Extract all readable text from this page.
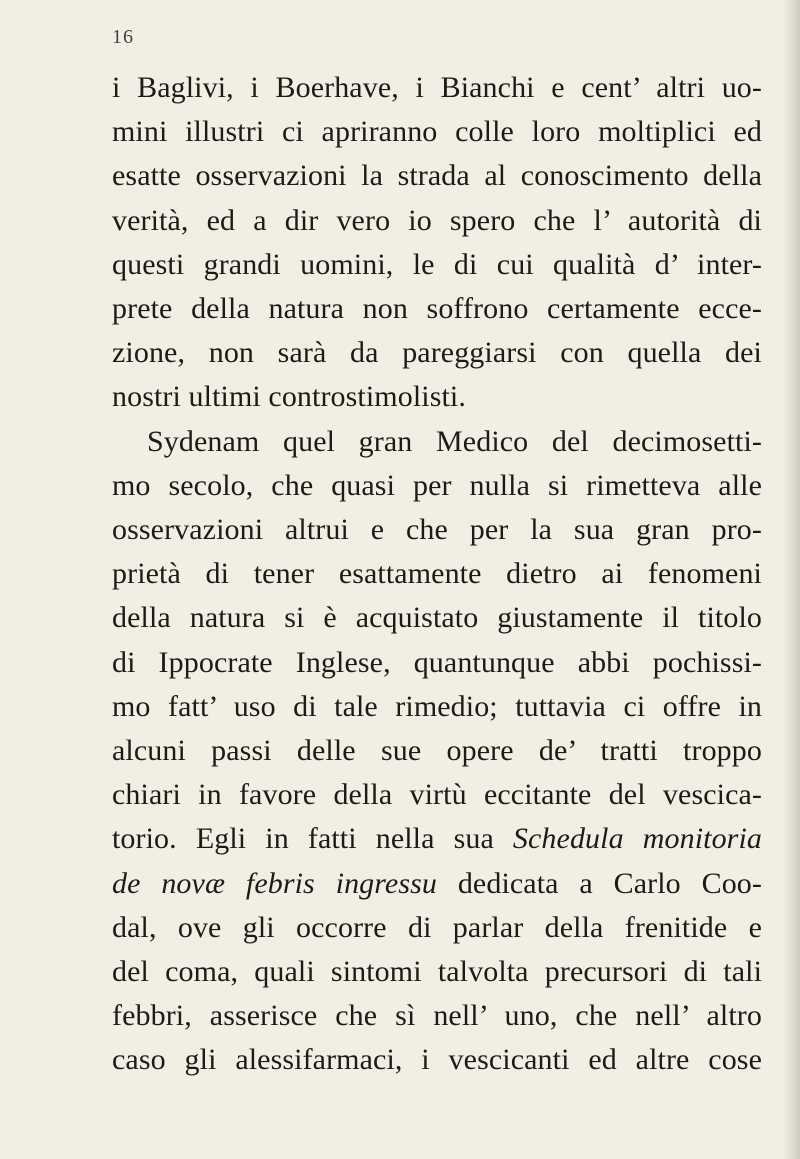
16
i Baglivi, i Boerhave, i Bianchi e cent’ altri uo-
mini illustri ci apriranno colle loro moltiplici ed
esatte osservazioni la strada al conoscimento della
verità, ed a dir vero io spero che l’ autorità di
questi grandi uomini, le di cui qualità d’ inter-
prete della natura non soffrono certamente ecce-
zione, non sarà da pareggiarsi con quella dei
nostri ultimi controstimolisti.
Sydenam quel gran Medico del decimosetti-
mo secolo, che quasi per nulla si rimetteva alle
osservazioni altrui e che per la sua gran pro-
prietà di tener esattamente dietro ai fenomeni
della natura si è acquistato giustamente il titolo
di Ippocrate Inglese, quantunque abbi pochissi-
mo fatt’ uso di tale rimedio; tuttavia ci offre in
alcuni passi delle sue opere de’ tratti troppo
chiari in favore della virtù eccitante del vescica-
torio. Egli in fatti nella sua Schedula monitoria
de novæ febris ingressu dedicata a Carlo Coo-
dal, ove gli occorre di parlar della frenitide e
del coma, quali sintomi talvolta precursori di tali
febbri, asserisce che sì nell’ uno, che nell’ altro
caso gli alessifarmaci, i vescicanti ed altre cose
